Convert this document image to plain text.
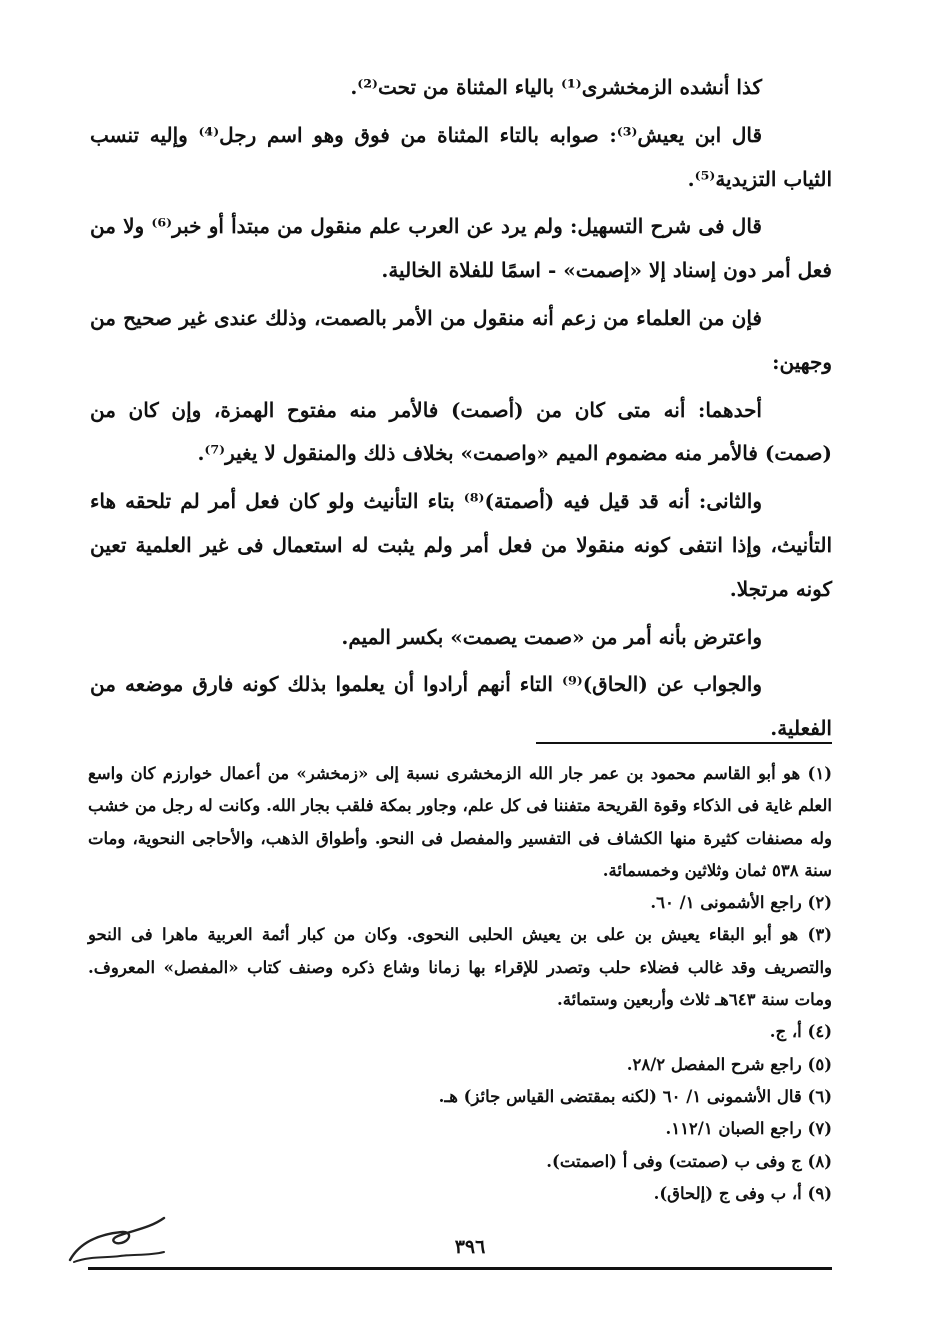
كذا أنشده الزمخشرى⁽¹⁾ بالياء المثناة من تحت⁽²⁾.

قال ابن يعيش⁽³⁾: صوابه بالتاء المثناة من فوق وهو اسم رجل⁽⁴⁾ وإليه تنسب الثياب التزيدية⁽⁵⁾.

قال فى شرح التسهيل: ولم يرد عن العرب علم منقول من مبتدأ أو خبر⁽⁶⁾ ولا من فعل أمر دون إسناد إلا «إصمت» - اسمًا للفلاة الخالية.

فإن من العلماء من زعم أنه منقول من الأمر بالصمت، وذلك عندى غير صحيح من وجهين:

أحدهما: أنه متى كان من (أصمت) فالأمر منه مفتوح الهمزة، وإن كان من (صمت) فالأمر منه مضموم الميم «واصمت» بخلاف ذلك والمنقول لا يغير⁽⁷⁾.

والثانى: أنه قد قيل فيه (أصمتة)⁽⁸⁾ بتاء التأنيث ولو كان فعل أمر لم تلحقه هاء التأنيث، وإذا انتفى كونه منقولا من فعل أمر ولم يثبت له استعمال فى غير العلمية تعين كونه مرتجلا.

واعترض بأنه أمر من «صمت يصمت» بكسر الميم.

والجواب عن (الحاق)⁽⁹⁾ التاء أنهم أرادوا أن يعلموا بذلك كونه فارق موضعه من الفعلية.

(١) هو أبو القاسم محمود بن عمر جار الله الزمخشرى نسبة إلى «زمخشر» من أعمال خوارزم كان واسع العلم غاية فى الذكاء وقوة القريحة متفننا فى كل علم، وجاور بمكة فلقب بجار الله. وكانت له رجل من خشب وله مصنفات كثيرة منها الكشاف فى التفسير والمفصل فى النحو. وأطواق الذهب، والأحاجى النحوية، ومات سنة ٥٣٨ ثمان وثلاثين وخمسمائة.

(٢) راجع الأشمونى ١/ ٦٠.

(٣) هو أبو البقاء يعيش بن على بن يعيش الحلبى النحوى. وكان من كبار أئمة العربية ماهرا فى النحو والتصريف وقد غالب فضلاء حلب وتصدر للإقراء بها زمانا وشاع ذكره وصنف كتاب «المفصل» المعروف. ومات سنة ٦٤٣هـ ثلاث وأربعين وستمائة.

(٤) أ، ج.

(٥) راجع شرح المفصل ٢٨/٢.

(٦) قال الأشمونى ١/ ٦٠ (لكنه بمقتضى القياس جائز) هـ.

(٧) راجع الصبان ١١٢/١.

(٨) ج وفى ب (صمتت) وفى أ (اصمتت).

(٩) أ، ب وفى ج (إلحاق).

٣٩٦
